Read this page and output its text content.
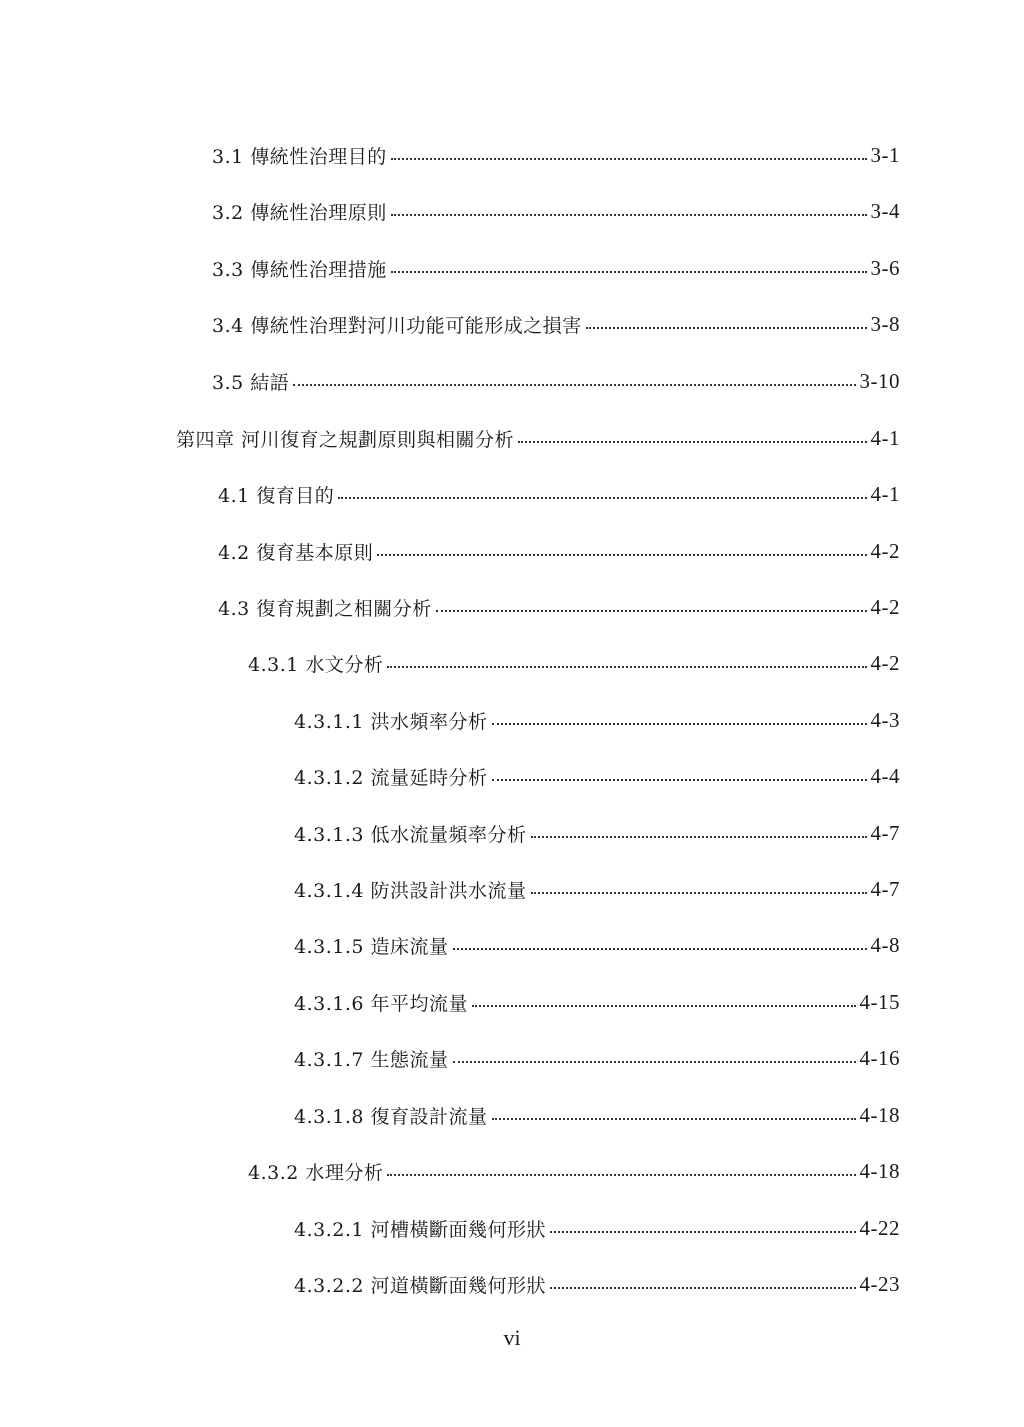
3.1 傳統性治理目的	3-1
3.2 傳統性治理原則	3-4
3.3 傳統性治理措施	3-6
3.4 傳統性治理對河川功能可能形成之損害	3-8
3.5 結語	3-10
第四章 河川復育之規劃原則與相關分析	4-1
4.1 復育目的	4-1
4.2 復育基本原則	4-2
4.3 復育規劃之相關分析	4-2
4.3.1 水文分析	4-2
4.3.1.1 洪水頻率分析	4-3
4.3.1.2 流量延時分析	4-4
4.3.1.3 低水流量頻率分析	4-7
4.3.1.4 防洪設計洪水流量	4-7
4.3.1.5 造床流量	4-8
4.3.1.6 年平均流量	4-15
4.3.1.7 生態流量	4-16
4.3.1.8 復育設計流量	4-18
4.3.2 水理分析	4-18
4.3.2.1 河槽橫斷面幾何形狀	4-22
4.3.2.2 河道橫斷面幾何形狀	4-23
vi
